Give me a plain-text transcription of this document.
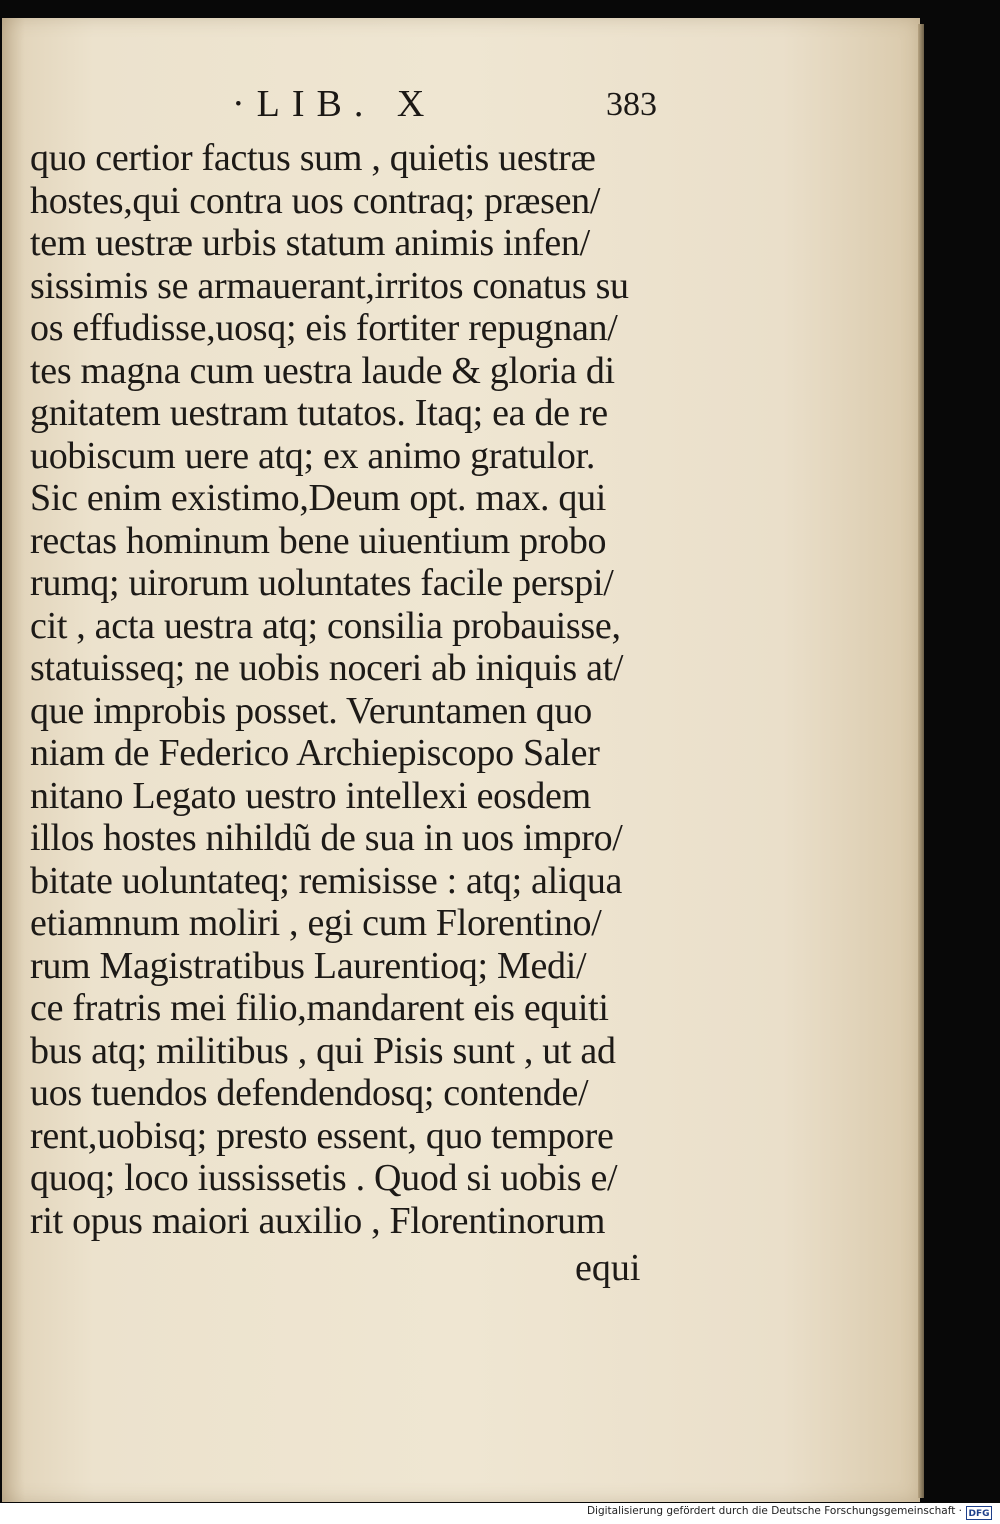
·LIB. X	383
quo certior factus sum , quietis uestræ
hostes,qui contra uos contraq; præsen/
tem uestræ urbis statum animis infen/
sissimis se armauerant,irritos conatus su
os effudisse,uosq; eis fortiter repugnan/
tes magna cum uestra laude & gloria di
gnitatem uestram tutatos. Itaq; ea de re
uobiscum uere atq; ex animo gratulor.
Sic enim existimo,Deum opt. max. qui
rectas hominum bene uiuentium probo
rumq; uirorum uoluntates facile perspi/
cit , acta uestra atq; consilia probauisse,
statuisseq; ne uobis noceri ab iniquis at/
que improbis posset. Veruntamen quo
niam de Federico Archiepiscopo Saler
nitano Legato uestro intellexi eosdem
illos hostes nihildũ de sua in uos impro/
bitate uoluntateq; remisisse : atq; aliqua
etiamnum moliri , egi cum Florentino/
rum Magistratibus Laurentioq; Medi/
ce fratris mei filio,mandarent eis equiti
bus atq; militibus , qui Pisis sunt , ut ad
uos tuendos defendendosq; contende/
rent,uobisq; presto essent, quo tempore
quoq; loco iussissetis . Quod si uobis e/
rit opus maiori auxilio , Florentinorum
equi
Digitalisierung gefördert durch die Deutsche Forschungsgemeinschaft · DFG
